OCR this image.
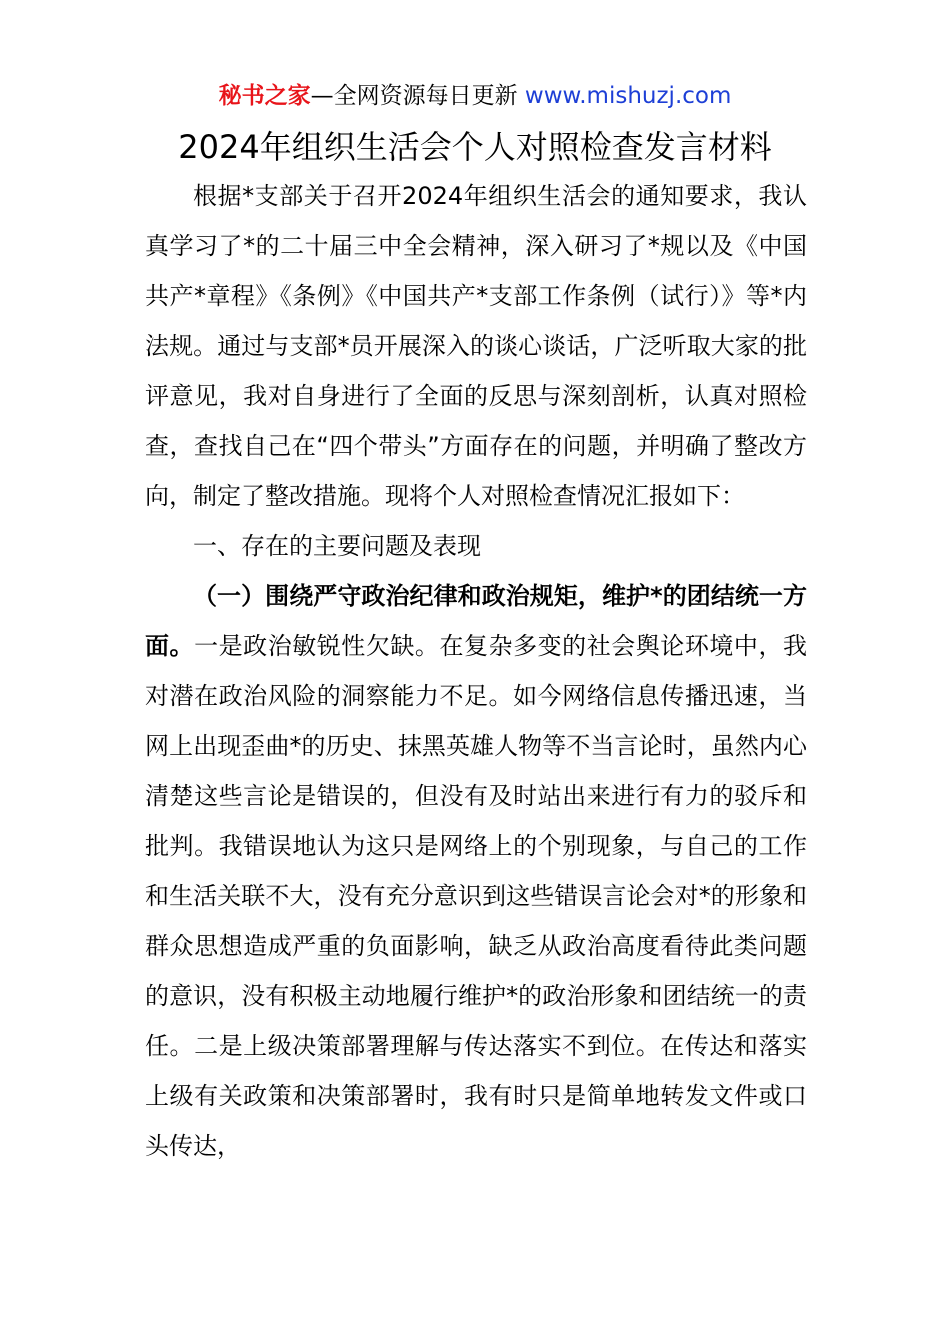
秘书之家—全网资源每日更新 www.mishuzj.com
2024年组织生活会个人对照检查发言材料

根据*支部关于召开2024年组织生活会的通知要求，我认真学习了*的二十届三中全会精神，深入研习了*规以及《中国共产*章程》《条例》《中国共产*支部工作条例（试行）》等*内法规。通过与支部*员开展深入的谈心谈话，广泛听取大家的批评意见，我对自身进行了全面的反思与深刻剖析，认真对照检查，查找自己在“四个带头”方面存在的问题，并明确了整改方向，制定了整改措施。现将个人对照检查情况汇报如下：

一、存在的主要问题及表现

（一）围绕严守政治纪律和政治规矩，维护*的团结统一方面。一是政治敏锐性欠缺。在复杂多变的社会舆论环境中，我对潜在政治风险的洞察能力不足。如今网络信息传播迅速，当网上出现歪曲*的历史、抹黑英雄人物等不当言论时，虽然内心清楚这些言论是错误的，但没有及时站出来进行有力的驳斥和批判。我错误地认为这只是网络上的个别现象，与自己的工作和生活关联不大，没有充分意识到这些错误言论会对*的形象和群众思想造成严重的负面影响，缺乏从政治高度看待此类问题的意识，没有积极主动地履行维护*的政治形象和团结统一的责任。二是上级决策部署理解与传达落实不到位。在传达和落实上级有关政策和决策部署时，我有时只是简单地转发文件或口头传达，
